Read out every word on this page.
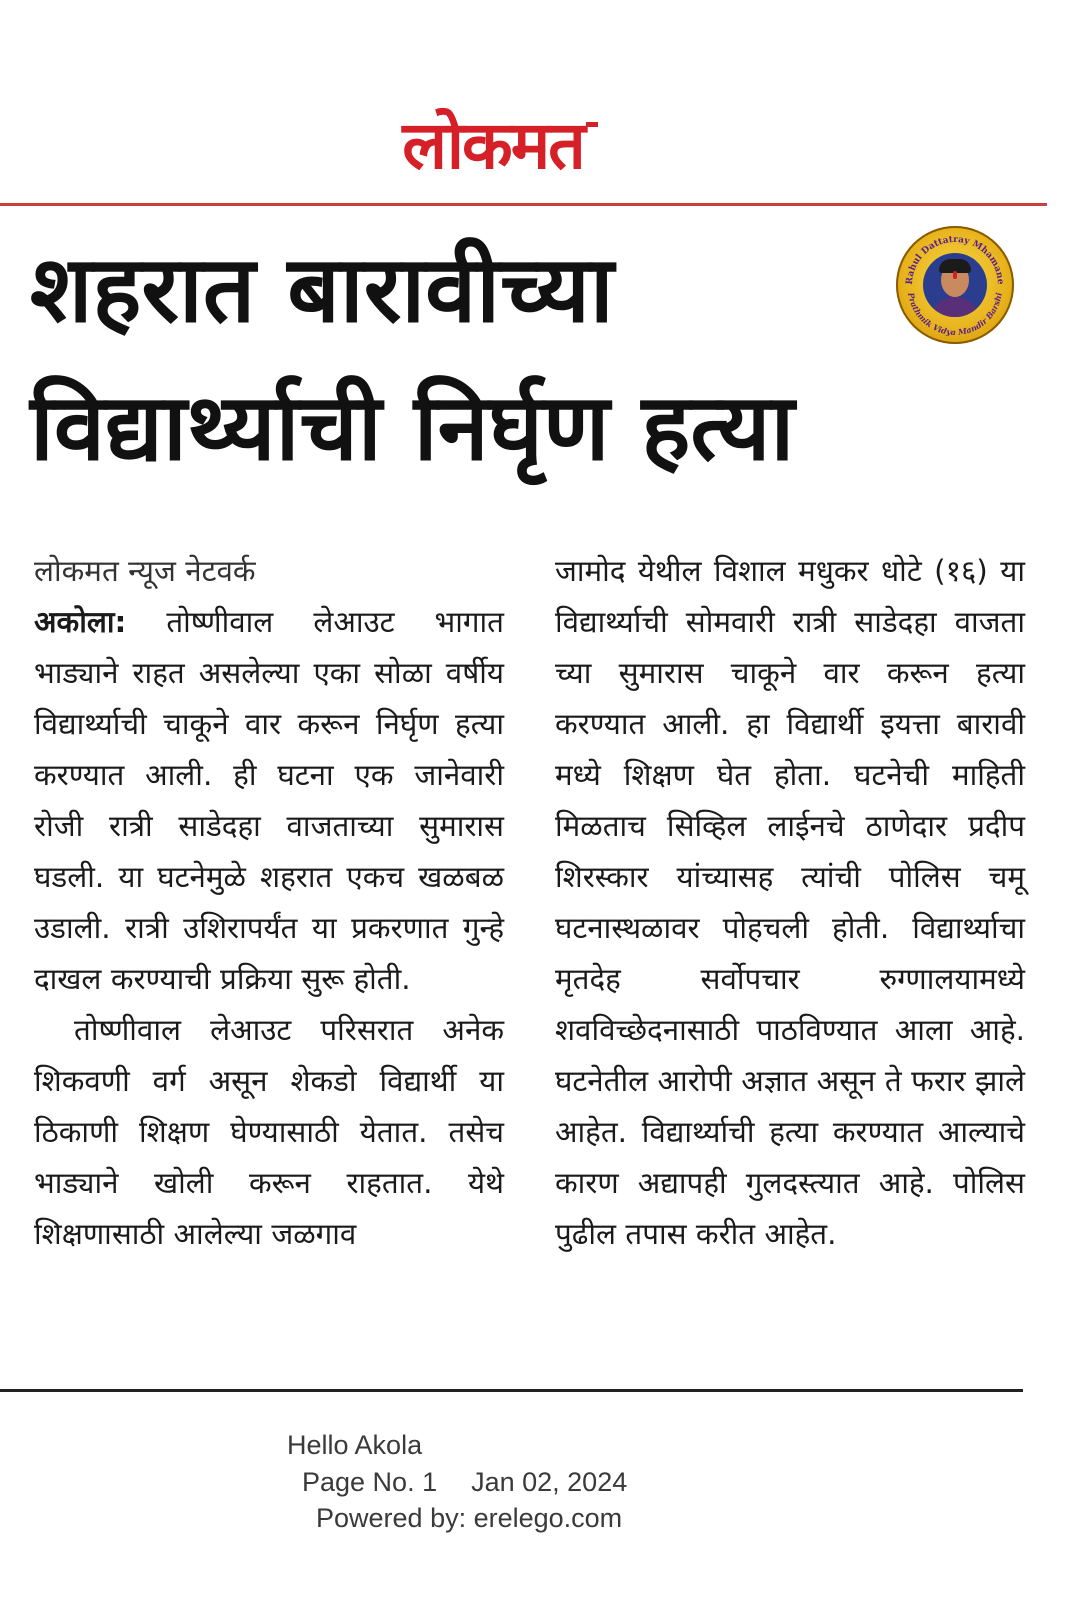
लोकमत
शहरात बारावीच्या
विद्यार्थ्याची निर्घृण हत्या
Rahul Dattatray Mhamane
Prathmik Vidya Mandir Barshi

लोकमत न्यूज नेटवर्क

अकोला: तोष्णीवाल लेआउट भागात भाड्याने राहत असलेल्या एका सोळा वर्षीय विद्यार्थ्याची चाकूने वार करून निर्घृण हत्या करण्यात आली. ही घटना एक जानेवारी रोजी रात्री साडेदहा वाजताच्या सुमारास घडली. या घटनेमुळे शहरात एकच खळबळ उडाली. रात्री उशिरापर्यंत या प्रकरणात गुन्हे दाखल करण्याची प्रक्रिया सुरू होती.

तोष्णीवाल लेआउट परिसरात अनेक शिकवणी वर्ग असून शेकडो विद्यार्थी या ठिकाणी शिक्षण घेण्यासाठी येतात. तसेच भाड्याने खोली करून राहतात. येथे शिक्षणासाठी आलेल्या जळगाव

जामोद येथील विशाल मधुकर धोटे (१६) या विद्यार्थ्याची सोमवारी रात्री साडेदहा वाजता च्या सुमारास चाकूने वार करून हत्या करण्यात आली. हा विद्यार्थी इयत्ता बारावी मध्ये शिक्षण घेत होता. घटनेची माहिती मिळताच सिव्हिल लाईनचे ठाणेदार प्रदीप शिरस्कार यांच्यासह त्यांची पोलिस चमू घटनास्थळावर पोहचली होती. विद्यार्थ्याचा मृतदेह सर्वोपचार रुग्णालयामध्ये शवविच्छेदनासाठी पाठविण्यात आला आहे. घटनेतील आरोपी अज्ञात असून ते फरार झाले आहेत. विद्यार्थ्याची हत्या करण्यात आल्याचे कारण अद्यापही गुलदस्त्यात आहे. पोलिस पुढील तपास करीत आहेत.

Hello Akola
Page No. 1 Jan 02, 2024
Powered by: erelego.com
